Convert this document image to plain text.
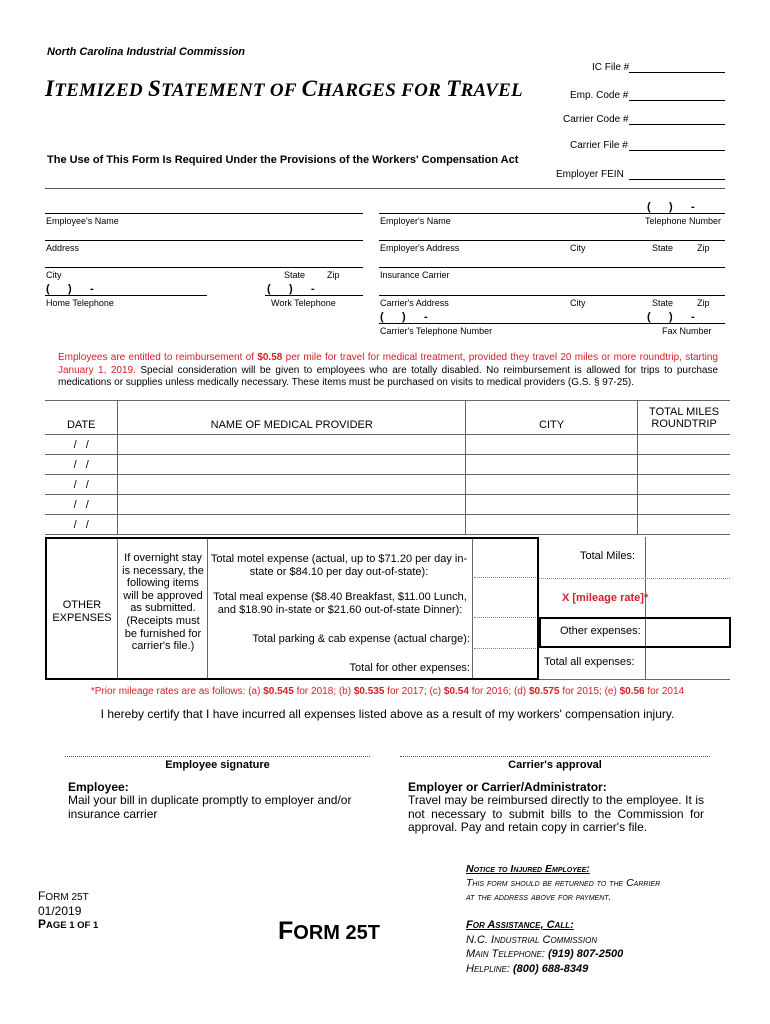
North Carolina Industrial Commission
ITEMIZED STATEMENT OF CHARGES FOR TRAVEL
The Use of This Form Is Required Under the Provisions of the Workers' Compensation Act
IC File #
Emp. Code #
Carrier Code #
Carrier File #
Employer FEIN
Employee's Name
Address
City	State Zip
(      )      -
Home Telephone
(      )      -
Work Telephone
(      )      -
Employer's Name	Telephone Number
Employer's Address	City	State	Zip
Insurance Carrier
Carrier's Address	City	State	Zip
(      )      -	(      )      -
Carrier's Telephone Number	Fax Number
Employees are entitled to reimbursement of $0.58 per mile for travel for medical treatment, provided they travel 20 miles or more roundtrip, starting January 1, 2019. Special consideration will be given to employees who are totally disabled. No reimbursement is allowed for trips to purchase medications or supplies unless medically necessary. These items must be purchased on visits to medical providers (G.S. § 97-25).
DATE	NAME OF MEDICAL PROVIDER	CITY	TOTAL MILES ROUNDTRIP
/ /			
/ /			
/ /			
/ /			
/ /			
OTHER EXPENSES
If overnight stay is necessary, the following items will be approved as submitted. (Receipts must be furnished for carrier's file.)
Total motel expense (actual, up to $71.20 per day in-state or $84.10 per day out-of-state):
Total meal expense ($8.40 Breakfast, $11.00 Lunch, and $18.90 in-state or $21.60 out-of-state Dinner):
Total parking & cab expense (actual charge):
Total for other expenses:
Total Miles:
X [mileage rate]*
Other expenses:
Total all expenses:
*Prior mileage rates are as follows: (a) $0.545 for 2018; (b) $0.535 for 2017; (c) $0.54 for 2016; (d) $0.575 for 2015; (e) $0.56 for 2014
I hereby certify that I have incurred all expenses listed above as a result of my workers' compensation injury.
Employee signature	Carrier's approval
Employee:
Mail your bill in duplicate promptly to employer and/or insurance carrier
Employer or Carrier/Administrator:
Travel may be reimbursed directly to the employee. It is not necessary to submit bills to the Commission for approval. Pay and retain copy in carrier's file.
FORM 25T
01/2019
PAGE 1 OF 1	FORM 25T
Notice to Injured Employee:
This form should be returned to the Carrier
at the address above for payment.
For Assistance, Call:
N.C. Industrial Commission
Main Telephone: (919) 807-2500
Helpline: (800) 688-8349
